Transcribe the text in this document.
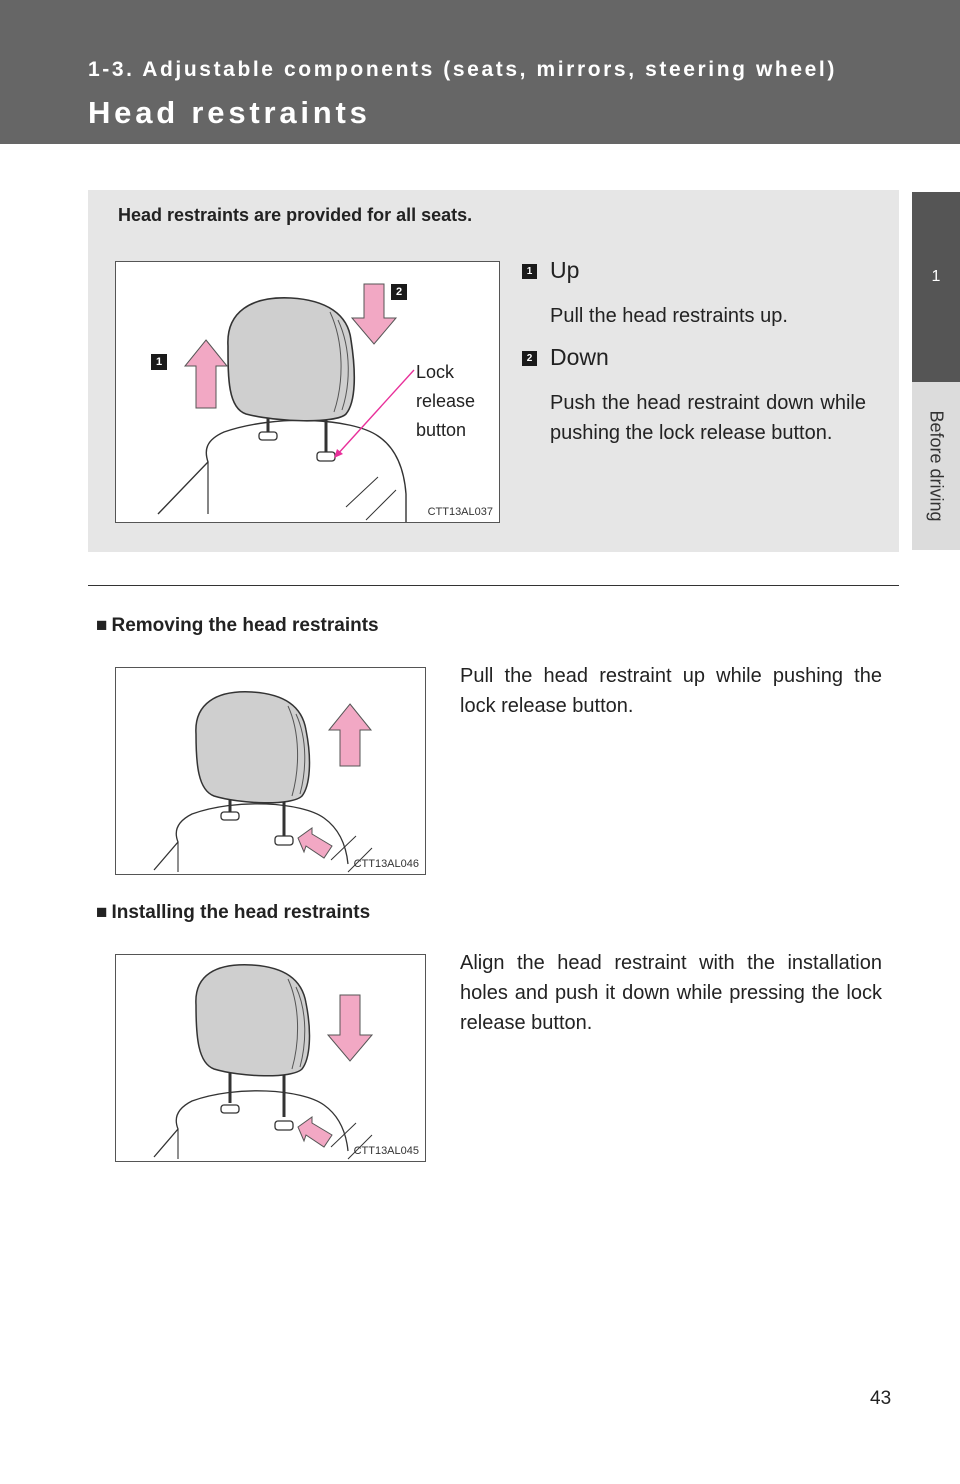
1-3. Adjustable components (seats, mirrors, steering wheel)
Head restraints
1
Before driving
Head restraints are provided for all seats.
1
2
CTT13AL037
Lock release button
1 Up
Pull the head restraints up.
2 Down
Push the head restraint down while pushing the lock release button.
■ Removing the head restraints
CTT13AL046
Pull the head restraint up while pushing the lock release button.
■ Installing the head restraints
CTT13AL045
Align the head restraint with the installation holes and push it down while pressing the lock release button.
43
